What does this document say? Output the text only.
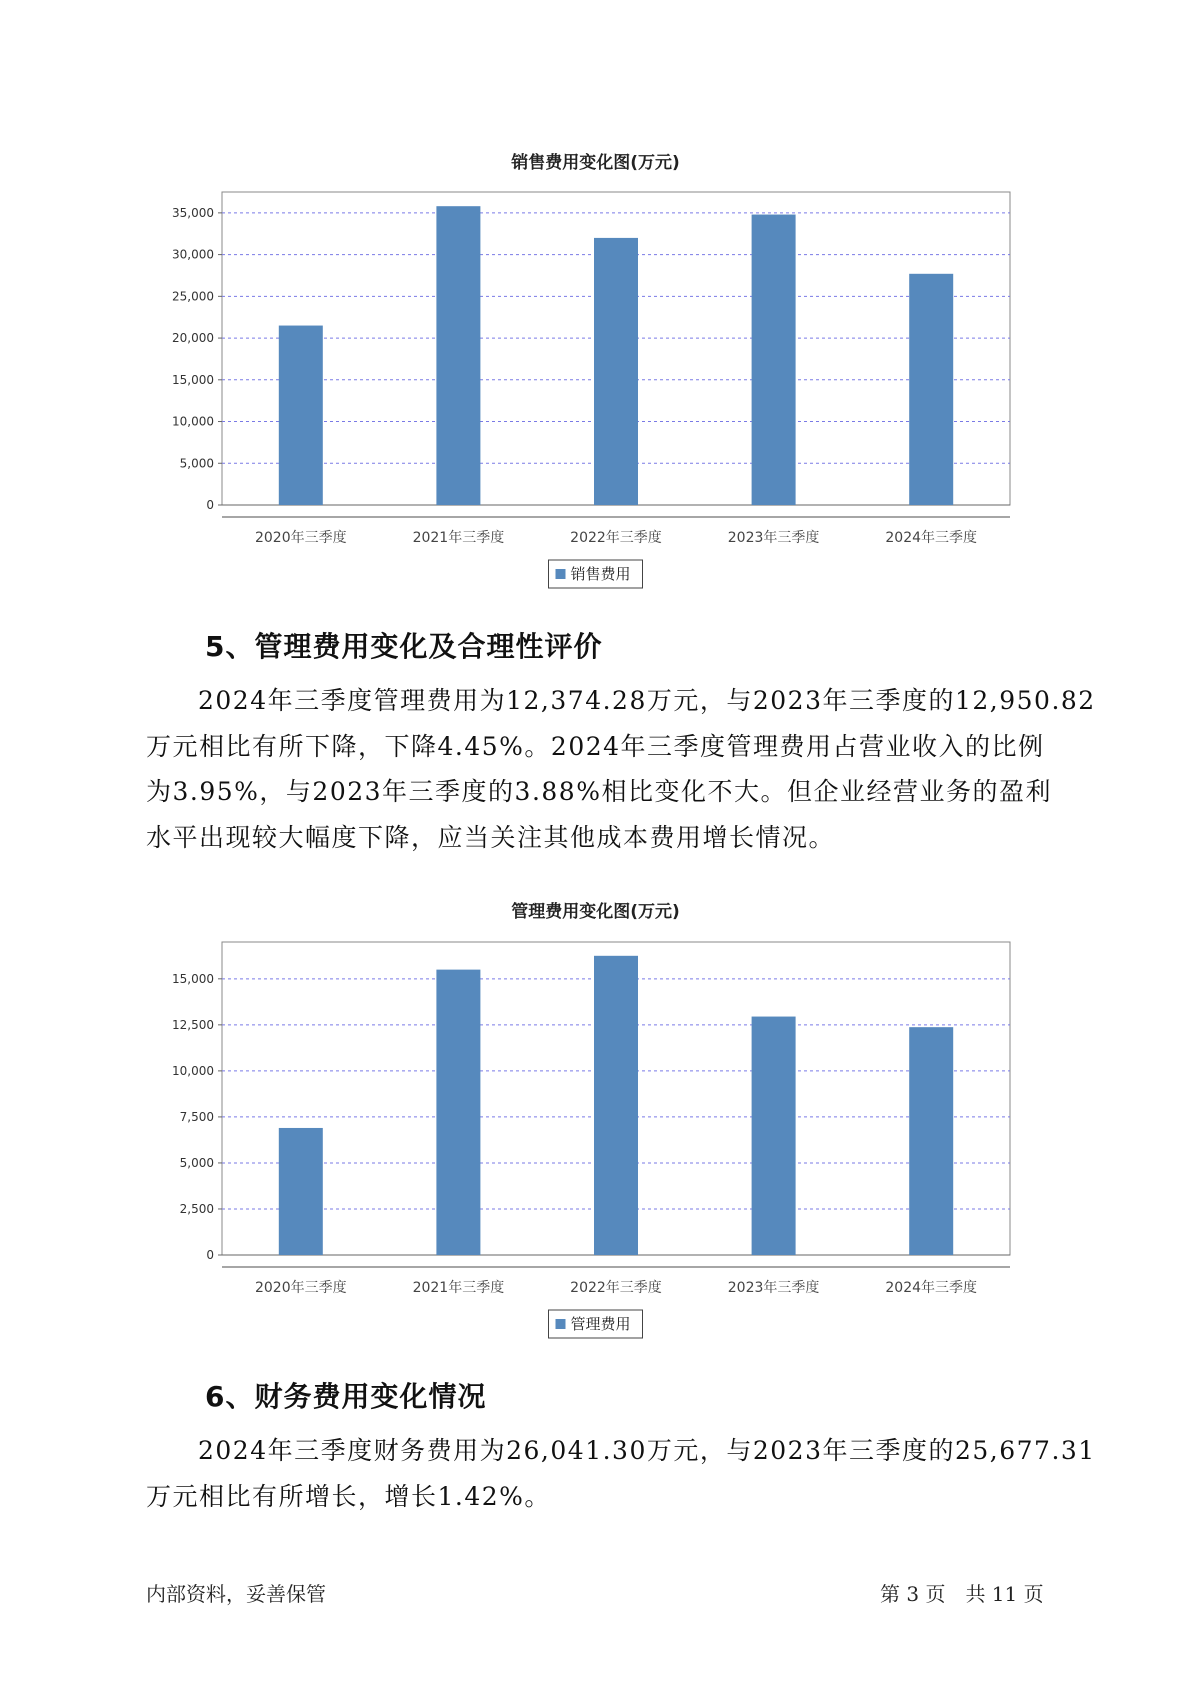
销售费用变化图(万元)
0
5,000
10,000
15,000
20,000
25,000
30,000
35,000
2020年三季度	2021年三季度	2022年三季度	2023年三季度	2024年三季度
销售费用
5、管理费用变化及合理性评价
2024年三季度管理费用为12,374.28万元，与2023年三季度的12,950.82
万元相比有所下降，下降4.45%。2024年三季度管理费用占营业收入的比例
为3.95%，与2023年三季度的3.88%相比变化不大。但企业经营业务的盈利
水平出现较大幅度下降，应当关注其他成本费用增长情况。
管理费用变化图(万元)
0
2,500
5,000
7,500
10,000
12,500
15,000
2020年三季度	2021年三季度	2022年三季度	2023年三季度	2024年三季度
管理费用
6、财务费用变化情况
2024年三季度财务费用为26,041.30万元，与2023年三季度的25,677.31
万元相比有所增长，增长1.42%。
内部资料，妥善保管	第 3 页　共 11 页
